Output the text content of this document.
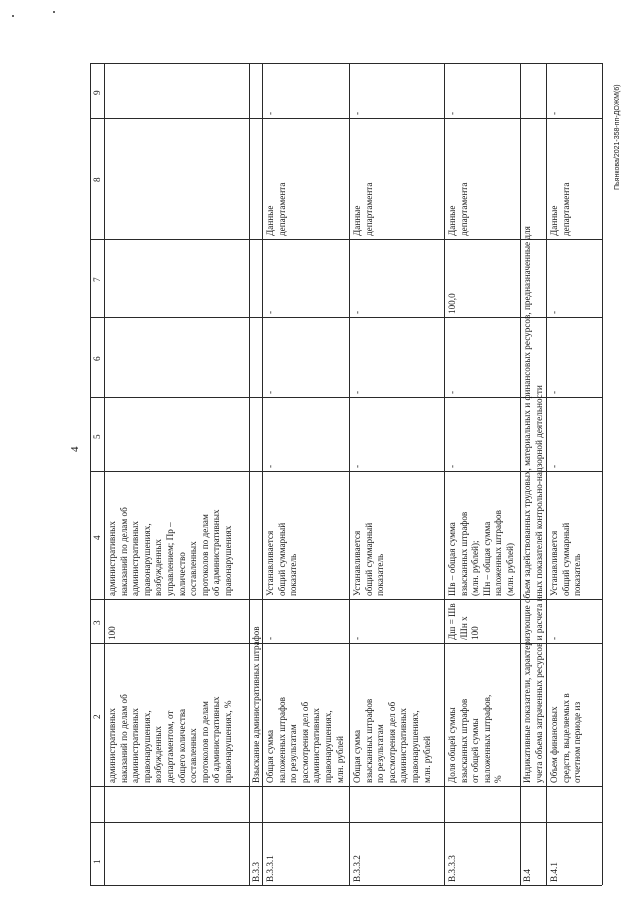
4
Пьянкова/2021-358-пп-ДОЖМ(6)
1
2
3
4
5
6
7
8
9
административных
наказаний по делам об
административных
правонарушениях,
возбужденных
департаментом, от
общего количества
составленных
протоколов по делам
об административных
правонарушениях, %
100
административных
наказаний по делам об
административных
правонарушениях,
возбужденных
управлением; Пр –
количество
составленных
протоколов по делам
об административных
правонарушениях
В.3.3
Взыскание административных штрафов
В.3.3.1
Общая сумма
наложенных штрафов
по результатам
рассмотрения дел об
административных
правонарушениях,
млн. рублей
-
Устанавливается
общий суммарный
показатель
-
-
-
Данные
департамента
-
В.3.3.2
Общая сумма
взысканных штрафов
по результатам
рассмотрения дел об
административных
правонарушениях,
млн. рублей
-
Устанавливается
общий суммарный
показатель
-
-
-
Данные
департамента
-
В.3.3.3
Доля общей суммы
взысканных штрафов
от общей суммы
наложенных штрафов,
%
Дш = Шв
/Шн х
100
Шв – общая сумма
взысканных штрафов
(млн. рублей);
Шн – общая сумма
наложенных штрафов
(млн. рублей)
-
-
100,0
Данные
департамента
-
В.4
Индикативные показатели, характеризующие объем задействованных трудовых, материальных и финансовых ресурсов, предназначенные для
учета объема затраченных ресурсов и расчета иных показателей контрольно-надзорной деятельности
В.4.1
Объем финансовых
средств, выделяемых в
отчетном периоде из
-
Устанавливается
общий суммарный
показатель
-
-
-
Данные
департамента
-
